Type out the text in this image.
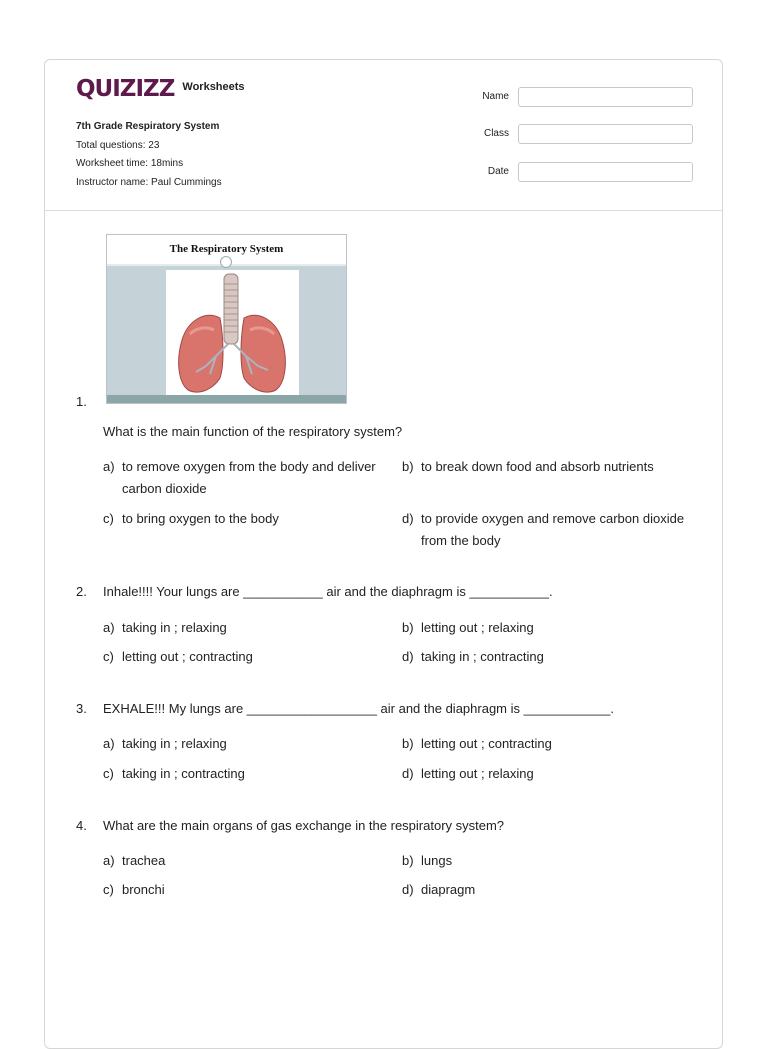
QUIZIZZ Worksheets
7th Grade Respiratory System
Total questions: 23
Worksheet time: 18mins
Instructor name: Paul Cummings
Name
Class
Date
The Respiratory System
1.
What is the main function of the respiratory system?
a) to remove oxygen from the body and deliver carbon dioxide
b) to break down food and absorb nutrients
c) to bring oxygen to the body	d) to provide oxygen and remove carbon dioxide from the body
2. Inhale!!!! Your lungs are ___________ air and the diaphragm is ___________.
a) taking in ; relaxing	b) letting out ; relaxing
c) letting out ; contracting	d) taking in ; contracting
3. EXHALE!!! My lungs are __________________ air and the diaphragm is ____________.
a) taking in ; relaxing	b) letting out ; contracting
c) taking in ; contracting	d) letting out ; relaxing
4. What are the main organs of gas exchange in the respiratory system?
a) trachea	b) lungs
c) bronchi	d) diapragm
